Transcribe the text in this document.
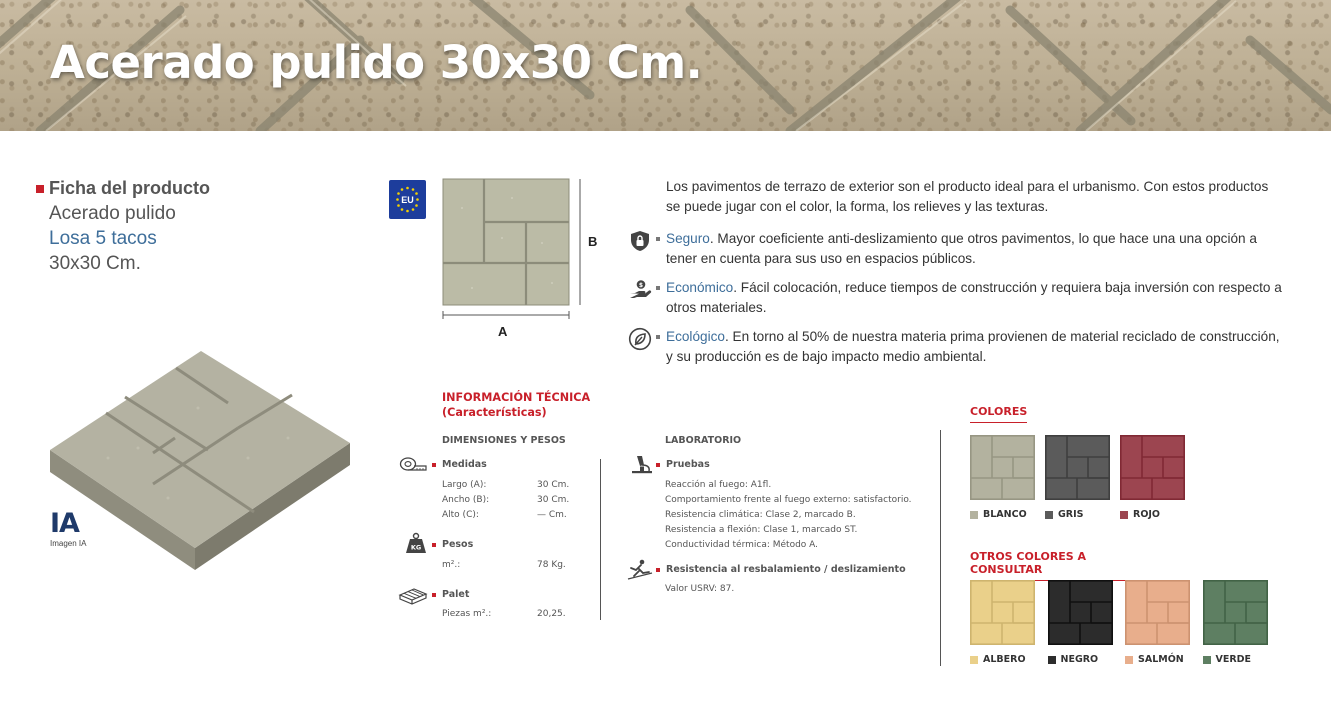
Acerado pulido 30x30 Cm.
Ficha del producto
Acerado pulido
Losa 5 tacos
30x30 Cm.
IA
Imagen IA
EU
A
B
Los pavimentos de terrazo de exterior son el producto ideal para el urbanismo. Con estos productos se puede jugar con el color, la forma, los relieves y las texturas.
Seguro. Mayor coeficiente anti-deslizamiento que otros pavimentos, lo que hace una una opción a tener en cuenta para sus uso en espacios públicos.
$ Económico. Fácil colocación, reduce tiempos de construcción y requiera baja inversión con respecto a otros materiales.
Ecológico. En torno al 50% de nuestra materia prima provienen de material reciclado de construcción, y su producción es de bajo impacto medio ambiental.
INFORMACIÓN TÉCNICA
(Características)
DIMENSIONES Y PESOS	LABORATORIO
Medidas
Largo (A):	30 Cm.
Ancho (B):	30 Cm.
Alto (C):	— Cm.
KG Pesos
m².:	78 Kg.
Palet
Piezas m².:	20,25.
Pruebas
Reacción al fuego: A1fl.
Comportamiento frente al fuego externo: satisfactorio.
Resistencia climática: Clase 2, marcado B.
Resistencia a flexión: Clase 1, marcado ST.
Conductividad térmica: Método A.
Resistencia al resbalamiento / deslizamiento
Valor USRV: 87.
COLORES
BLANCO	GRIS	ROJO
OTROS COLORES A CONSULTAR
ALBERO	NEGRO	SALMÓN	VERDE
